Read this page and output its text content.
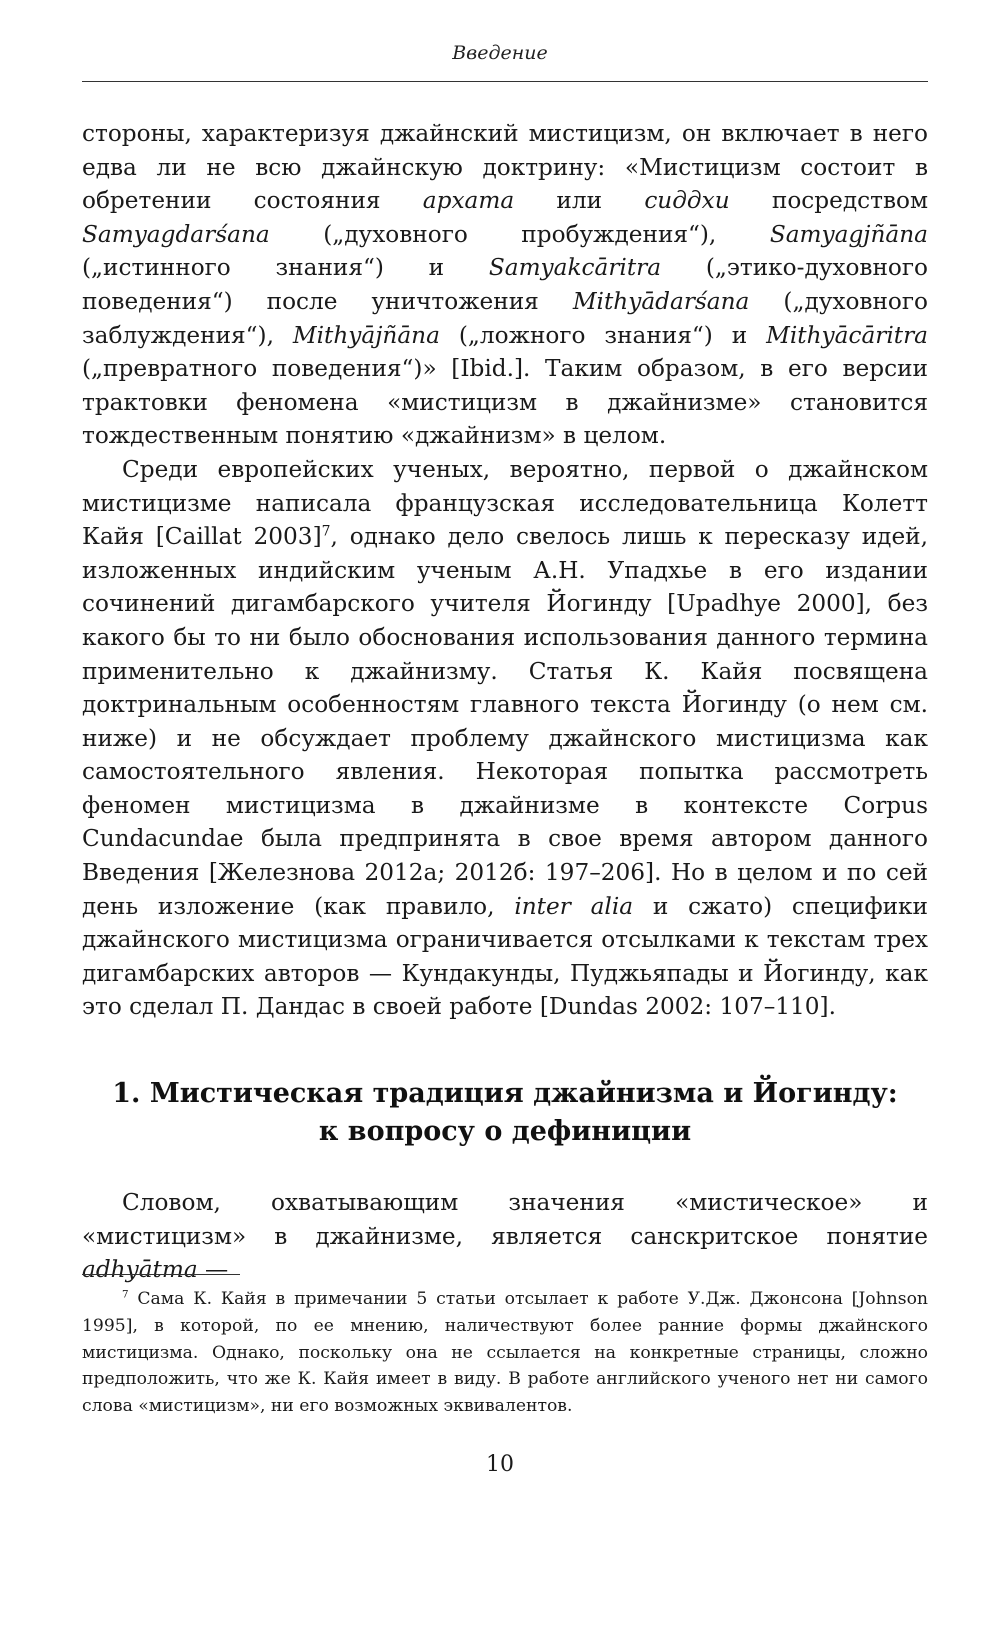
Введение

стороны, характеризуя джайнский мистицизм, он включает в него едва ли не всю джайнскую доктрину: «Мистицизм состоит в обретении состояния архата или сиддхи посредством Samyagdarśana („духовного пробуждения“), Samyagjñāna („истинного знания“) и Samyakcāritra („этико-духовного поведения“) после уничтожения Mithyādarśana („духовного заблуждения“), Mithyājñāna („ложного знания“) и Mithyācāritra („превратного поведения“)» [Ibid.]. Таким образом, в его версии трактовки феномена «мистицизм в джайнизме» становится тождественным понятию «джайнизм» в целом.

Среди европейских ученых, вероятно, первой о джайнском мистицизме написала французская исследовательница Колетт Кайя [Caillat 2003]$^7$, однако дело свелось лишь к пересказу идей, изложенных индийским ученым А.Н. Упадхье в его издании сочинений дигамбарского учителя Йогинду [Upadhye 2000], без какого бы то ни было обоснования использования данного термина применительно к джайнизму. Статья К. Кайя посвящена доктринальным особенностям главного текста Йогинду (о нем см. ниже) и не обсуждает проблему джайнского мистицизма как самостоятельного явления. Некоторая попытка рассмотреть феномен мистицизма в джайнизме в контексте Corpus Cundacundae была предпринята в свое время автором данного Введения [Железнова 2012а; 2012б: 197–206]. Но в целом и по сей день изложение (как правило, inter alia и сжато) специфики джайнского мистицизма ограничивается отсылками к текстам трех дигамбарских авторов — Кундакунды, Пуджьяпады и Йогинду, как это сделал П. Дандас в своей работе [Dundas 2002: 107–110].

1. Мистическая традиция джайнизма и Йогинду:
к вопросу о дефиниции
Словом, охватывающим значения «мистическое» и «мистицизм» в джайнизме, является санскритское понятие adhyātma —
$^7$ Сама К. Кайя в примечании 5 статьи отсылает к работе У.Дж. Джонсона [Johnson 1995], в которой, по ее мнению, наличествуют более ранние формы джайнского мистицизма. Однако, поскольку она не ссылается на конкретные страницы, сложно предположить, что же К. Кайя имеет в виду. В работе английского ученого нет ни самого слова «мистицизм», ни его возможных эквивалентов.
10
